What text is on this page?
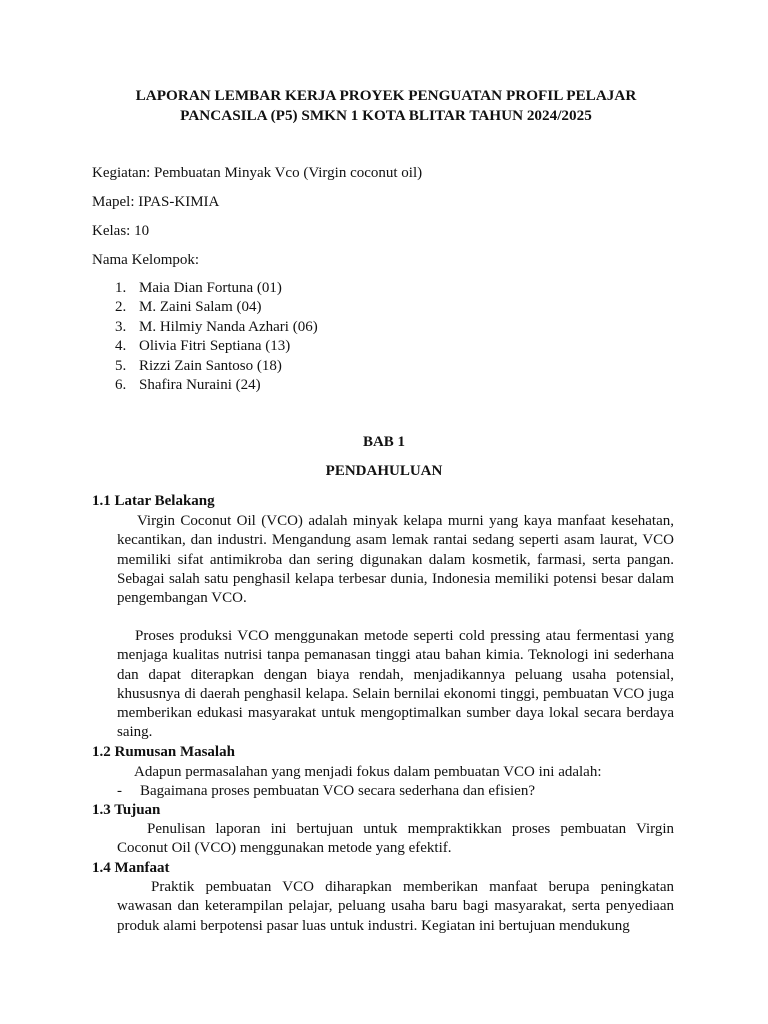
LAPORAN LEMBAR KERJA PROYEK PENGUATAN PROFIL PELAJAR
PANCASILA (P5) SMKN 1 KOTA BLITAR TAHUN 2024/2025
Kegiatan: Pembuatan Minyak Vco (Virgin coconut oil)
Mapel: IPAS-KIMIA
Kelas: 10
Nama Kelompok:
1. Maia Dian Fortuna (01)
2. M. Zaini Salam (04)
3. M. Hilmiy Nanda Azhari (06)
4. Olivia Fitri Septiana (13)
5. Rizzi Zain Santoso (18)
6. Shafira Nuraini (24)
BAB 1
PENDAHULUAN
1.1 Latar Belakang
Virgin Coconut Oil (VCO) adalah minyak kelapa murni yang kaya manfaat kesehatan, kecantikan, dan industri. Mengandung asam lemak rantai sedang seperti asam laurat, VCO memiliki sifat antimikroba dan sering digunakan dalam kosmetik, farmasi, serta pangan. Sebagai salah satu penghasil kelapa terbesar dunia, Indonesia memiliki potensi besar dalam pengembangan VCO.
Proses produksi VCO menggunakan metode seperti cold pressing atau fermentasi yang menjaga kualitas nutrisi tanpa pemanasan tinggi atau bahan kimia. Teknologi ini sederhana dan dapat diterapkan dengan biaya rendah, menjadikannya peluang usaha potensial, khususnya di daerah penghasil kelapa. Selain bernilai ekonomi tinggi, pembuatan VCO juga memberikan edukasi masyarakat untuk mengoptimalkan sumber daya lokal secara berdaya saing.
1.2 Rumusan Masalah
Adapun permasalahan yang menjadi fokus dalam pembuatan VCO ini adalah:
- Bagaimana proses pembuatan VCO secara sederhana dan efisien?
1.3 Tujuan
Penulisan laporan ini bertujuan untuk mempraktikkan proses pembuatan Virgin Coconut Oil (VCO) menggunakan metode yang efektif.
1.4 Manfaat
Praktik pembuatan VCO diharapkan memberikan manfaat berupa peningkatan wawasan dan keterampilan pelajar, peluang usaha baru bagi masyarakat, serta penyediaan produk alami berpotensi pasar luas untuk industri. Kegiatan ini bertujuan mendukung
